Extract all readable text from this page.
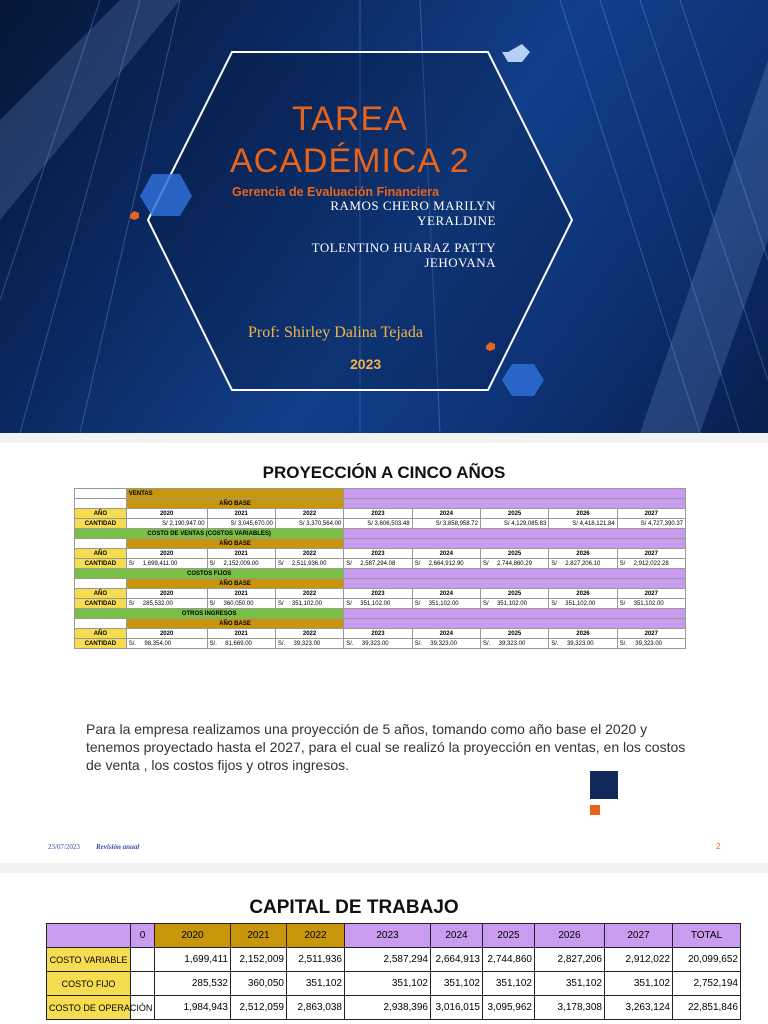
TAREA
ACADÉMICA 2
Gerencia de Evaluación Financiera
RAMOS CHERO MARILYN YERALDINE
TOLENTINO HUARAZ PATTY JEHOVANA
Prof: Shirley Dalina Tejada
2023
PROYECCIÓN A CINCO AÑOS
	VENTAS							
	AÑO BASE							
AÑO	2020	2021	2022	2023	2024	2025	2026	2027
CANTIDAD	S/ 2,190,947.00	S/ 3,045,670.00	S/ 3,370,564.00	S/ 3,606,503.48	S/ 3,858,958.72	S/ 4,129,085.83	S/ 4,418,121.84	S/ 4,727,390.37
COSTO DE VENTAS (COSTOS VARIABLES)								
	AÑO BASE							
AÑO	2020	2021	2022	2023	2024	2025	2026	2027
CANTIDAD	S/     1,699,411.00	S/     2,152,009.00	S/     2,511,936.00	S/     2,587,294.08	S/     2,664,912.90	S/     2,744,860.29	S/     2,827,206.10	S/     2,912,022.28
COSTOS FIJOS								
	AÑO BASE							
AÑO	2020	2021	2022	2023	2024	2025	2026	2027
CANTIDAD	S/     285,532.00	S/     360,050.00	S/     351,102.00	S/     351,102.00	S/     351,102.00	S/     351,102.00	S/     351,102.00	S/     351,102.00
OTROS INGRESOS								
	AÑO BASE							
AÑO	2020	2021	2022	2023	2024	2025	2026	2027
CANTIDAD	S/.     98,354.00	S/.     81,669.00	S/.     39,323.00	S/.     39,323.00	S/.     39,323.00	S/.     39,323.00	S/.     39,323.00	S/.     39,323.00
Para la empresa realizamos una proyección de 5 años, tomando como año base el 2020 y tenemos proyectado hasta el 2027, para el cual se realizó la proyección en ventas, en los costos de venta , los costos fijos y otros ingresos.
23/07/2023 Revisión anual	2
CAPITAL DE TRABAJO
	0	2020	2021	2022	2023	2024	2025	2026	2027	TOTAL
COSTO VARIABLE		1,699,411	2,152,009	2,511,936	2,587,294	2,664,913	2,744,860	2,827,206	2,912,022	20,099,652
COSTO FIJO		285,532	360,050	351,102	351,102	351,102	351,102	351,102	351,102	2,752,194
COSTO DE OPERACIÓN		1,984,943	2,512,059	2,863,038	2,938,396	3,016,015	3,095,962	3,178,308	3,263,124	22,851,846
